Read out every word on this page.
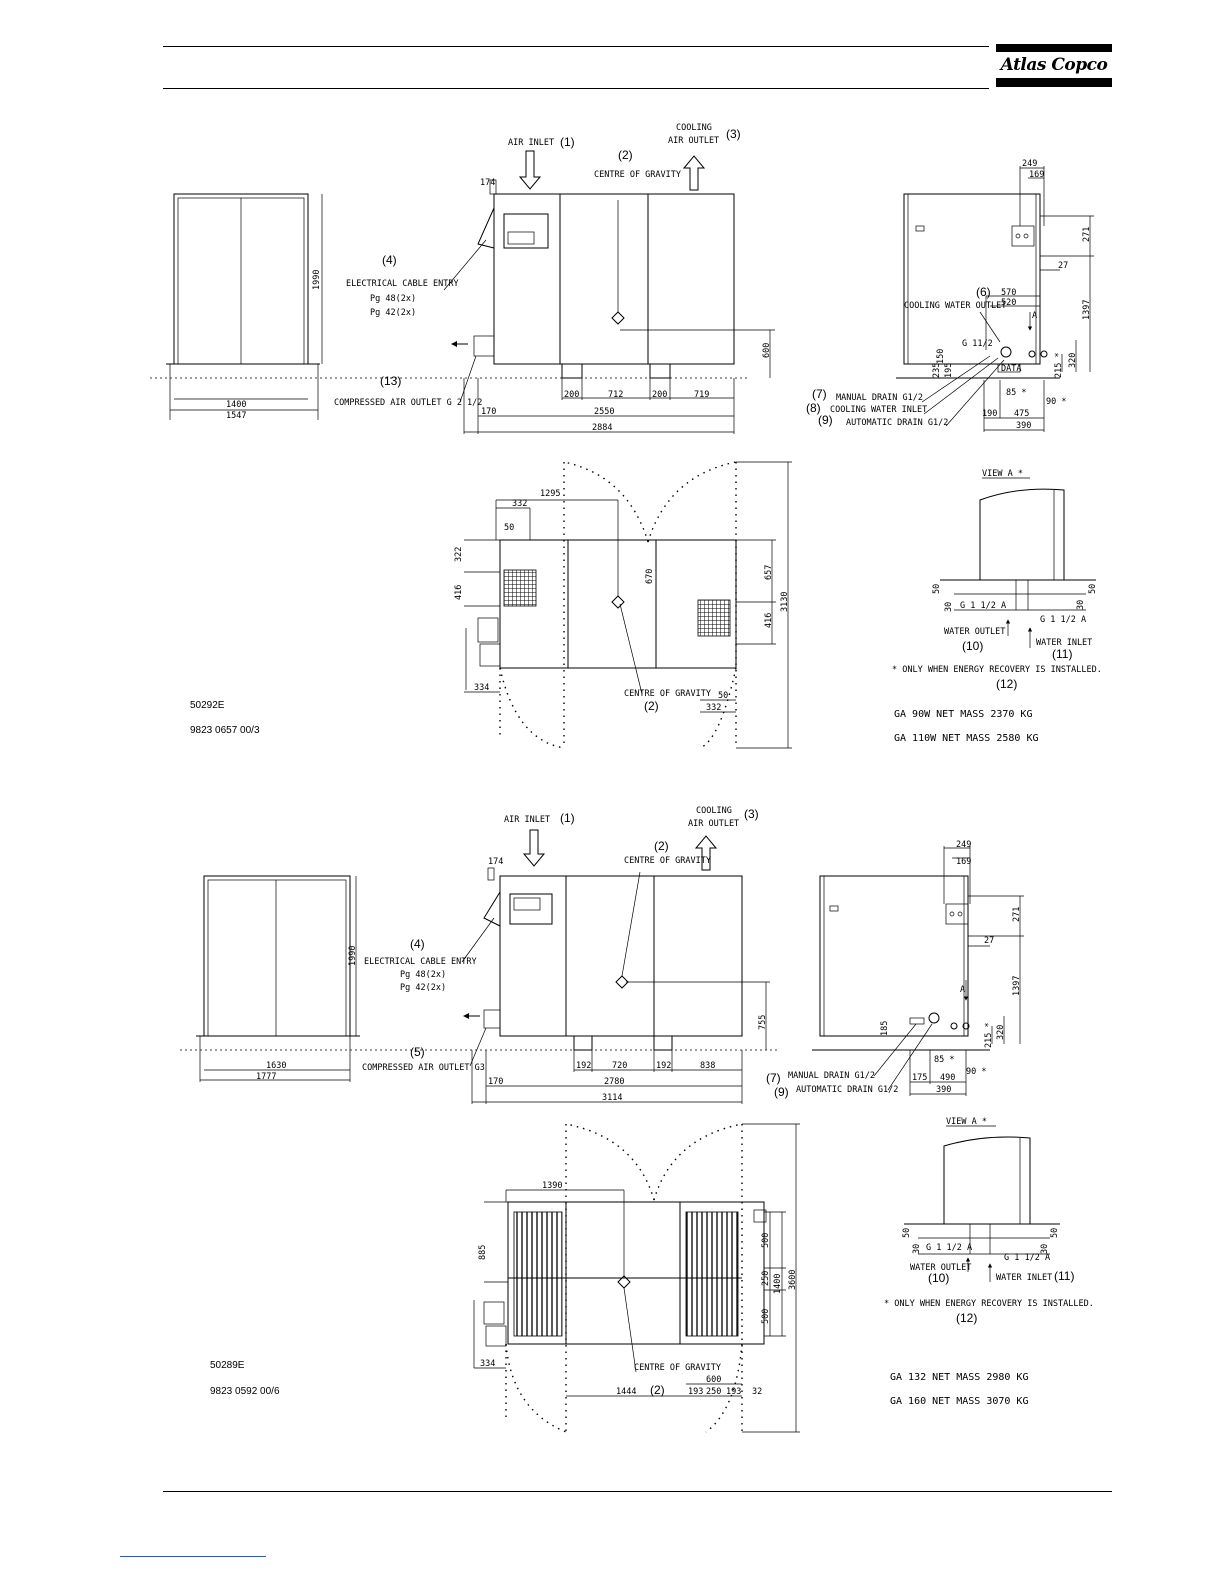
Atlas Copco
1400
1547
1990
600
174
200	712	200	719
170	2550
2884
AIR INLET (1)
(2)
CENTRE OF GRAVITY
COOLING
AIR OUTLET (3)
(4)
ELECTRICAL CABLE ENTRY
Pg 48(2x)
Pg 42(2x)
(13)
COMPRESSED AIR OUTLET G 2 1/2
DATA
249
169
271
27
1397
570
520
A
320
215 *
85 *
90 *
190 475
390
150
235 195
G 11/2
(6)
COOLING WATER OUTLET
(7) MANUAL DRAIN G1/2
(8) COOLING WATER INLET
(9) AUTOMATIC DRAIN G1/2
1295
332
50
322
416
670	657
416
3130
334
CENTRE OF GRAVITY
(2)
50
332
VIEW A *
50
30 G 1 1/2 A
G 1 1/2 A
30
50
WATER OUTLET
(10)	WATER INLET
(11)
* ONLY WHEN ENERGY RECOVERY IS INSTALLED.
(12)
50292E
9823 0657 00/3
GA 90W NET MASS 2370 KG
GA 110W NET MASS 2580 KG
1630
1777
1990
755
174
192 720	192	838
170	2780
3114
AIR INLET (1)
(2)
CENTRE OF GRAVITY
COOLING
AIR OUTLET
(3)
(4)
ELECTRICAL CABLE ENTRY
Pg 48(2x)
Pg 42(2x)
(5)
COMPRESSED AIR OUTLET G3
249
169
271
27
1397
A
320
215 *
85 *
90 *
185
175 490
390
(7) MANUAL DRAIN G1/2
(9) AUTOMATIC DRAIN G1/2
1390
885
500
250
500
1400 3600
334	CENTRE OF GRAVITY
1444 (2)
600
193 250 193 32
VIEW A *
50
30 G 1 1/2 A
G 1 1/2 A
30
50
WATER OUTLET
(10)	WATER INLET (11)
* ONLY WHEN ENERGY RECOVERY IS INSTALLED.
(12)
50289E
9823 0592 00/6
GA 132 NET MASS 2980 KG
GA 160 NET MASS 3070 KG
